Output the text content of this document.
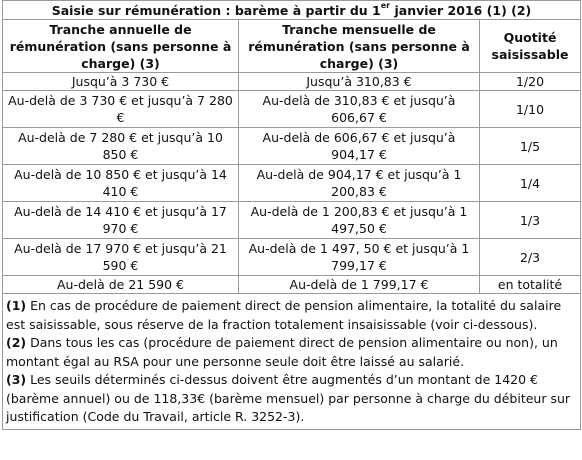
Saisie sur rémunération : barème à partir du 1er janvier 2016 (1) (2)		
Tranche annuelle de rémunération (sans personne à charge) (3)	Tranche mensuelle de rémunération (sans personne à charge) (3)	Quotité saisissable
Jusqu’à 3 730 €	Jusqu’à 310,83 €	1/20
Au-delà de 3 730 € et jusqu’à 7 280 €	Au-delà de 310,83 € et jusqu’à 606,67 €	1/10
Au-delà de 7 280 € et jusqu’à 10 850 €	Au-delà de 606,67 € et jusqu’à 904,17 €	1/5
Au-delà de 10 850 € et jusqu’à 14 410 €	Au-delà de 904,17 € et jusqu’à 1 200,83 €	1/4
Au-delà de 14 410 € et jusqu’à 17 970 €	Au-delà de 1 200,83 € et jusqu’à 1 497,50 €	1/3
Au-delà de 17 970 € et jusqu’à 21 590 €	Au-delà de 1 497, 50 € et jusqu’à 1 799,17 €	2/3
Au-delà de 21 590 €	Au-delà de 1 799,17 €	en totalité

(1) En cas de procédure de paiement direct de pension alimentaire, la totalité du salaire est saisissable, sous réserve de la fraction totalement insaisissable (voir ci-dessous).

(2) Dans tous les cas (procédure de paiement direct de pension alimentaire ou non), un montant égal au RSA pour une personne seule doit être laissé au salarié.

(3) Les seuils déterminés ci-dessus doivent être augmentés d’un montant de 1420 € (barème annuel) ou de 118,33€ (barème mensuel) par personne à charge du débiteur sur justification (Code du Travail, article R. 3252-3).		
